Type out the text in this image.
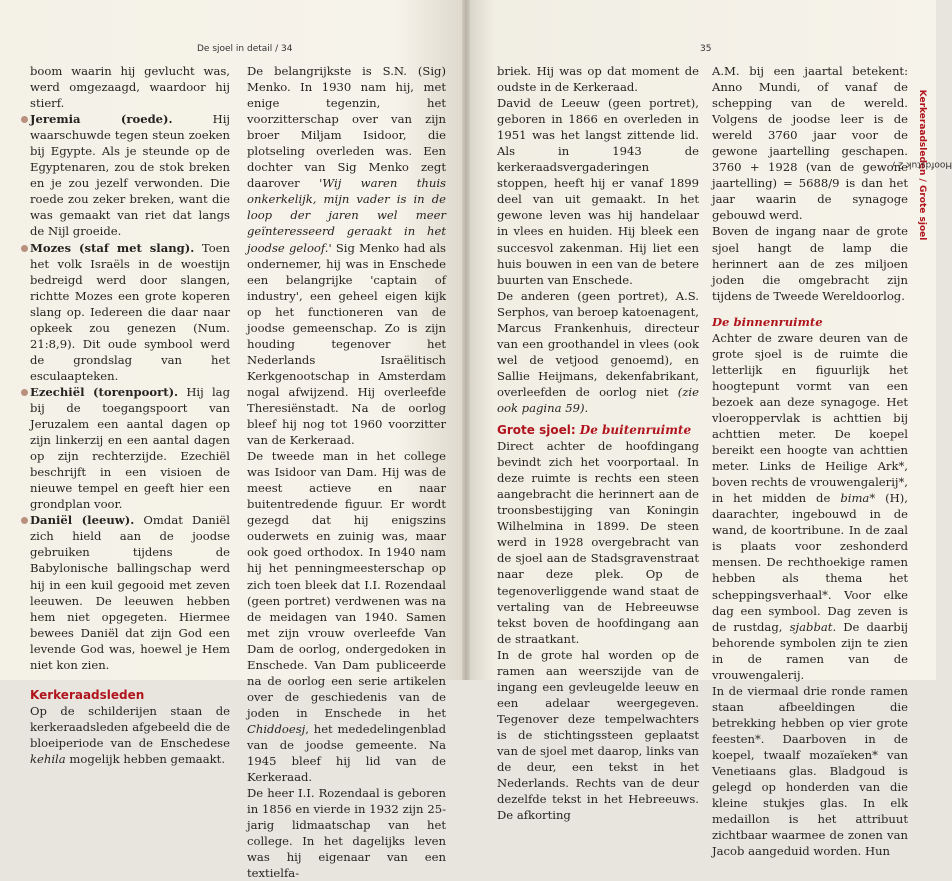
De sjoel in detail / 34	35
Hoofdstuk 2 /
Kerkeraadsleden / Grote sjoel

boom waarin hij gevlucht was, werd omgezaagd, waardoor hij stierf.

Jeremia (roede). Hij waarschuwde tegen steun zoeken bij Egypte. Als je steunde op de Egyptenaren, zou de stok breken en je zou jezelf verwonden. Die roede zou zeker breken, want die was gemaakt van riet dat langs de Nijl groeide.

Mozes (staf met slang). Toen het volk Israëls in de woestijn bedreigd werd door slangen, richtte Mozes een grote koperen slang op. Iedereen die daar naar opkeek zou genezen (Num. 21:8,9). Dit oude symbool werd de grondslag van het esculaapteken.

Ezechiël (torenpoort). Hij lag bij de toegangspoort van Jeruzalem een aantal dagen op zijn linkerzij en een aantal dagen op zijn rechterzijde. Ezechiël beschrijft in een visioen de nieuwe tempel en geeft hier een grondplan voor.

Daniël (leeuw). Omdat Daniël zich hield aan de joodse gebruiken tijdens de Babylonische ballingschap werd hij in een kuil gegooid met zeven leeuwen. De leeuwen hebben hem niet opgegeten. Hiermee bewees Daniël dat zijn God een levende God was, hoewel je Hem niet kon zien.

Kerkeraadsleden

Op de schilderijen staan de kerkeraadsleden afgebeeld die de bloeiperiode van de Enschedese kehila mogelijk hebben gemaakt.

De belangrijkste is S.N. (Sig) Menko. In 1930 nam hij, met enige tegenzin, het voorzitterschap over van zijn broer Miljam Isidoor, die plotseling overleden was. Een dochter van Sig Menko zegt daarover 'Wij waren thuis onkerkelijk, mijn vader is in de loop der jaren wel meer geïnteresseerd geraakt in het joodse geloof.' Sig Menko had als ondernemer, hij was in Enschede een belangrijke 'captain of industry', een geheel eigen kijk op het functioneren van de joodse gemeenschap. Zo is zijn houding tegenover het Nederlands Israëlitisch Kerkgenootschap in Amsterdam nogal afwijzend. Hij overleefde Theresiënstadt. Na de oorlog bleef hij nog tot 1960 voorzitter van de Kerkeraad.

De tweede man in het college was Isidoor van Dam. Hij was de meest actieve en naar buitentredende figuur. Er wordt gezegd dat hij enigszins ouderwets en zuinig was, maar ook goed orthodox. In 1940 nam hij het penningmeesterschap op zich toen bleek dat I.I. Rozendaal (geen portret) verdwenen was na de meidagen van 1940. Samen met zijn vrouw overleefde Van Dam de oorlog, ondergedoken in Enschede. Van Dam publiceerde na de oorlog een serie artikelen over de geschiedenis van de joden in Enschede in het Chiddoesj, het mededelingenblad van de joodse gemeente. Na 1945 bleef hij lid van de Kerkeraad.

De heer I.I. Rozendaal is geboren in 1856 en vierde in 1932 zijn 25-jarig lidmaatschap van het college. In het dagelijks leven was hij eigenaar van een textielfa-

briek. Hij was op dat moment de oudste in de Kerkeraad.

David de Leeuw (geen portret), geboren in 1866 en overleden in 1951 was het langst zittende lid. Als in 1943 de kerkeraadsvergaderingen stoppen, heeft hij er vanaf 1899 deel van uit gemaakt. In het gewone leven was hij handelaar in vlees en huiden. Hij bleek een succesvol zakenman. Hij liet een huis bouwen in een van de betere buurten van Enschede.

De anderen (geen portret), A.S. Serphos, van beroep katoenagent, Marcus Frankenhuis, directeur van een groothandel in vlees (ook wel de vetjood genoemd), en Sallie Heijmans, dekenfabrikant, overleefden de oorlog niet (zie ook pagina 59).

Grote sjoel: De buitenruimte

Direct achter de hoofdingang bevindt zich het voorportaal. In deze ruimte is rechts een steen aangebracht die herinnert aan de troonsbestijging van Koningin Wilhelmina in 1899. De steen werd in 1928 overgebracht van de sjoel aan de Stadsgravenstraat naar deze plek. Op de tegenoverliggende wand staat de vertaling van de Hebreeuwse tekst boven de hoofdingang aan de straatkant.

In de grote hal worden op de ramen aan weerszijde van de ingang een gevleugelde leeuw en een adelaar weergegeven. Tegenover deze tempelwachters is de stichtingssteen geplaatst van de sjoel met daarop, links van de deur, een tekst in het Nederlands. Rechts van de deur dezelfde tekst in het Hebreeuws. De afkorting

A.M. bij een jaartal betekent: Anno Mundi, of vanaf de schepping van de wereld. Volgens de joodse leer is de wereld 3760 jaar voor de gewone jaartelling geschapen. 3760 + 1928 (van de gewone jaartelling) = 5688/9 is dan het jaar waarin de synagoge gebouwd werd.

Boven de ingang naar de grote sjoel hangt de lamp die herinnert aan de zes miljoen joden die omgebracht zijn tijdens de Tweede Wereldoorlog.

De binnenruimte

Achter de zware deuren van de grote sjoel is de ruimte die letterlijk en figuurlijk het hoogtepunt vormt van een bezoek aan deze synagoge. Het vloeroppervlak is achttien bij achttien meter. De koepel bereikt een hoogte van achttien meter. Links de Heilige Ark*, boven rechts de vrouwengalerij*, in het midden de bima* (H), daarachter, ingebouwd in de wand, de koortribune. In de zaal is plaats voor zeshonderd mensen. De rechthoekige ramen hebben als thema het scheppingsverhaal*. Voor elke dag een symbool. Dag zeven is de rustdag, sjabbat. De daarbij behorende symbolen zijn te zien in de ramen van de vrouwengalerij.

In de viermaal drie ronde ramen staan afbeeldingen die betrekking hebben op vier grote feesten*. Daarboven in de koepel, twaalf mozaïeken* van Venetiaans glas. Bladgoud is gelegd op honderden van die kleine stukjes glas. In elk medaillon is het attribuut zichtbaar waarmee de zonen van Jacob aangeduid worden. Hun
